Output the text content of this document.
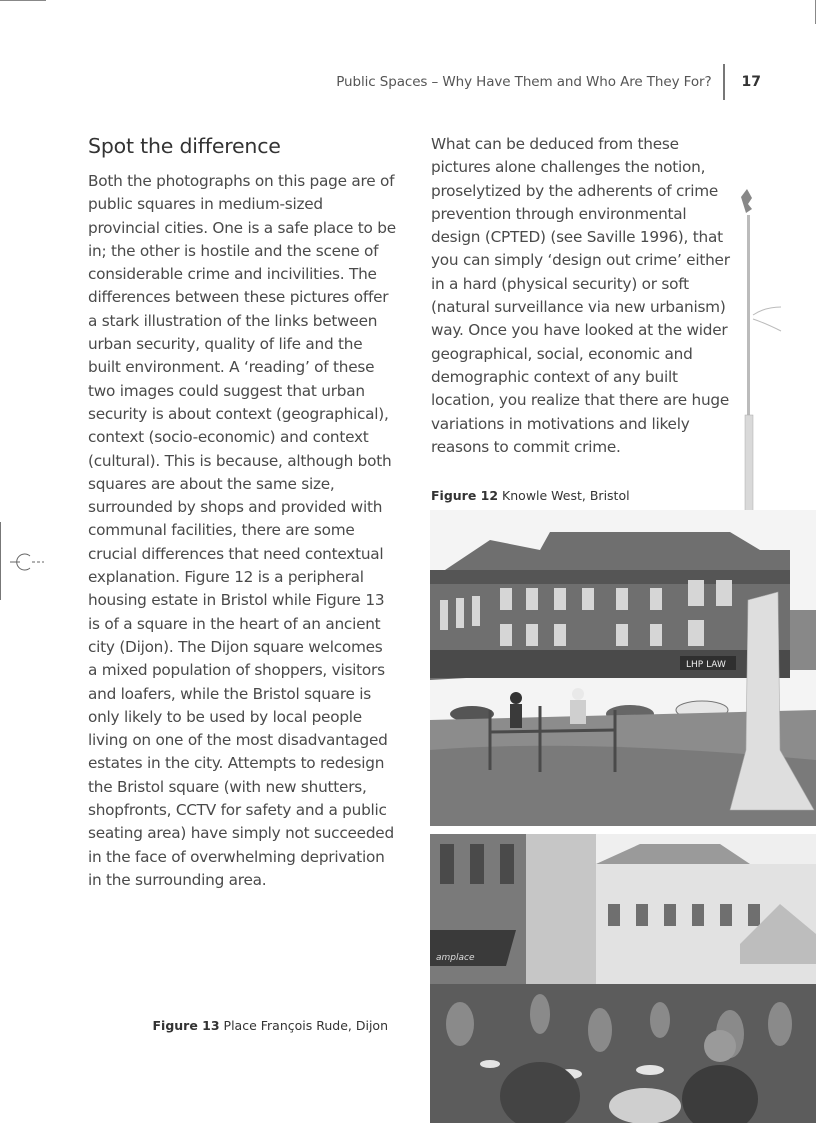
Public Spaces – Why Have Them and Who Are They For? 17
Spot the difference

Both the photographs on this page are of public squares in medium-sized provincial cities. One is a safe place to be in; the other is hostile and the scene of considerable crime and incivilities. The differences between these pictures offer a stark illustration of the links between urban security, quality of life and the built environment. A ‘reading’ of these two images could suggest that urban security is about context (geographical), context (socio-economic) and context (cultural). This is because, although both squares are about the same size, surrounded by shops and provided with communal facilities, there are some crucial differences that need contextual explanation. Figure 12 is a peripheral housing estate in Bristol while Figure 13 is of a square in the heart of an ancient city (Dijon). The Dijon square welcomes a mixed population of shoppers, visitors and loafers, while the Bristol square is only likely to be used by local people living on one of the most disadvantaged estates in the city. Attempts to redesign the Bristol square (with new shutters, shopfronts, CCTV for safety and a public seating area) have simply not succeeded in the face of overwhelming deprivation in the surrounding area.

What can be deduced from these pictures alone challenges the notion, proselytized by the adherents of crime prevention through environmental design (CPTED) (see Saville 1996), that you can simply ‘design out crime’ either in a hard (physical security) or soft (natural surveillance via new urbanism) way. Once you have looked at the wider geographical, social, economic and demographic context of any built location, you realize that there are huge variations in motivations and likely reasons to commit crime.

Figure 12 Knowle West, Bristol
LHP LAW
amplace
Figure 13 Place François Rude, Dijon
